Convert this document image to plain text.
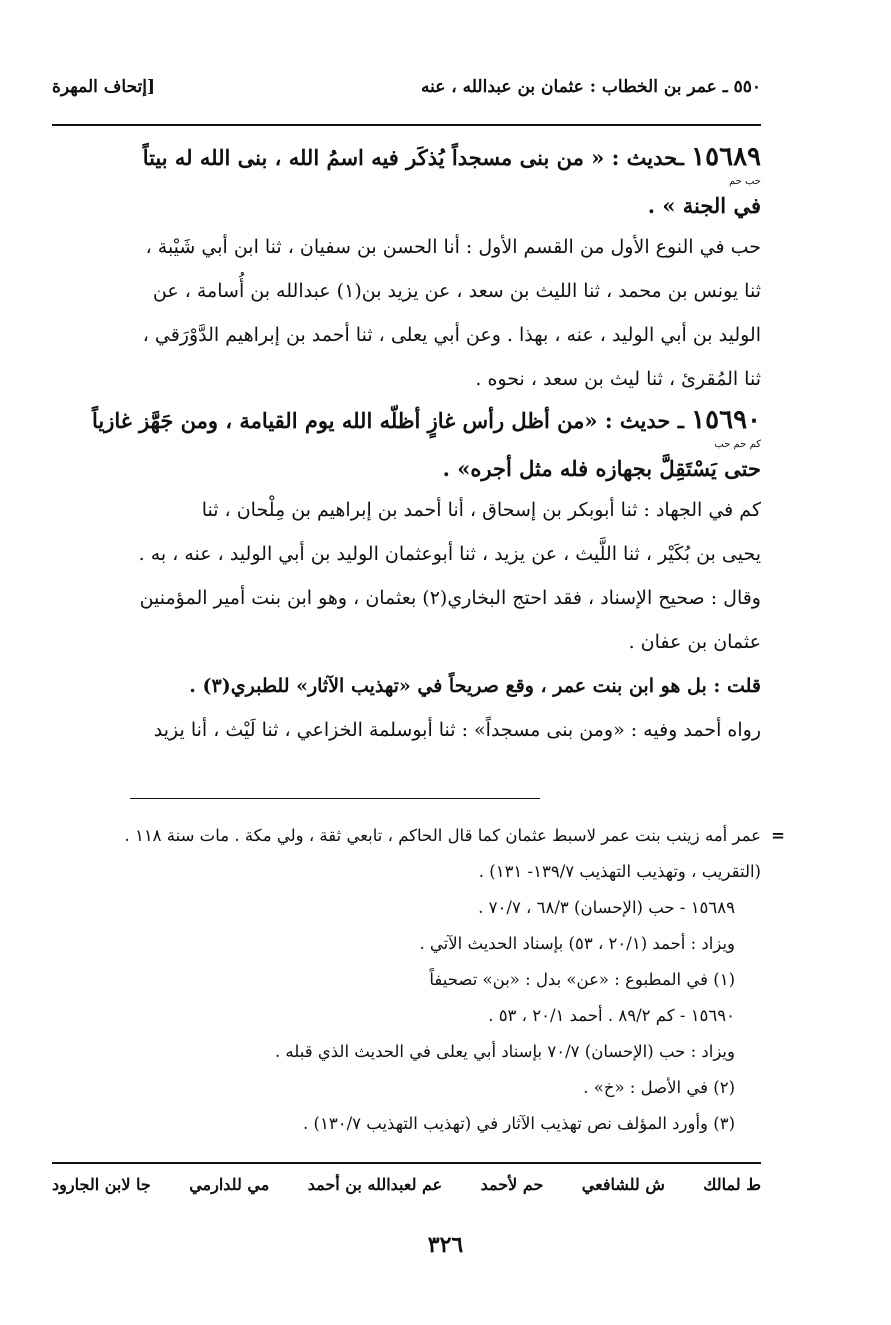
٥٥٠ ـ عمر بن الخطاب : عثمان بن عبدالله ، عنه
[إتحاف المهرة
١٥٦٨٩ ـحديث : « من بنى مسجداً يُذكَر فيه اسمُ الله ، بنى الله له بيتاً
حب حم
في الجنة » .

حب في النوع الأول من القسم الأول : أنا الحسن بن سفيان ، ثنا ابن أبي شَيْبة ،

ثنا يونس بن محمد ، ثنا الليث بن سعد ، عن يزيد بن(١) عبدالله بن أُسامة ، عن

الوليد بن أبي الوليد ، عنه ، بهذا . وعن أبي يعلى ، ثنا أحمد بن إبراهيم الدَّوْرَقي ،

ثنا المُقرئ ، ثنا ليث بن سعد ، نحوه .

١٥٦٩٠ ـ حديث : «من أظل رأس غازٍ أظلّه الله يوم القيامة ، ومن جَهَّز غازياً
كم حم حب
حتى يَسْتَقِلَّ بجهازه فله مثل أجره» .

كم في الجهاد : ثنا أبوبكر بن إسحاق ، أنا أحمد بن إبراهيم بن مِلْحان ، ثنا

يحيى بن بُكَيْر ، ثنا اللَّيث ، عن يزيد ، ثنا أبوعثمان الوليد بن أبي الوليد ، عنه ، به .

وقال : صحيح الإسناد ، فقد احتج البخاري(٢) بعثمان ، وهو ابن بنت أمير المؤمنين

عثمان بن عفان .

قلت : بل هو ابن بنت عمر ، وقع صريحاً في «تهذيب الآثار» للطبري(٣) .

رواه أحمد وفيه : «ومن بنى مسجداً» : ثنا أبوسلمة الخزاعي ، ثنا لَيْث ، أنا يزيد

=

عمر أمه زينب بنت عمر لاسبط عثمان كما قال الحاكم ، تابعي ثقة ، ولي مكة . مات سنة ١١٨ .

(التقريب ، وتهذيب التهذيب ١٣٩/٧- ١٣١) .

١٥٦٨٩ - حب (الإحسان) ٦٨/٣ ، ٧٠/٧ .

ويزاد : أحمد (٢٠/١ ، ٥٣) بإسناد الحديث الآتي .

(١) في المطبوع : «عن» بدل : «بن» تصحيفاً

١٥٦٩٠ - كم ٨٩/٢ . أحمد ٢٠/١ ، ٥٣ .

ويزاد : حب (الإحسان) ٧٠/٧ بإسناد أبي يعلى في الحديث الذي قبله .

(٢) في الأصل : «خ» .

(٣) وأورد المؤلف نص تهذيب الآثار في (تهذيب التهذيب ١٣٠/٧) .

ط لمالك
ش للشافعي
حم لأحمد
عم لعبدالله بن أحمد
مي للدارمي
جا لابن الجارود
٣٢٦
